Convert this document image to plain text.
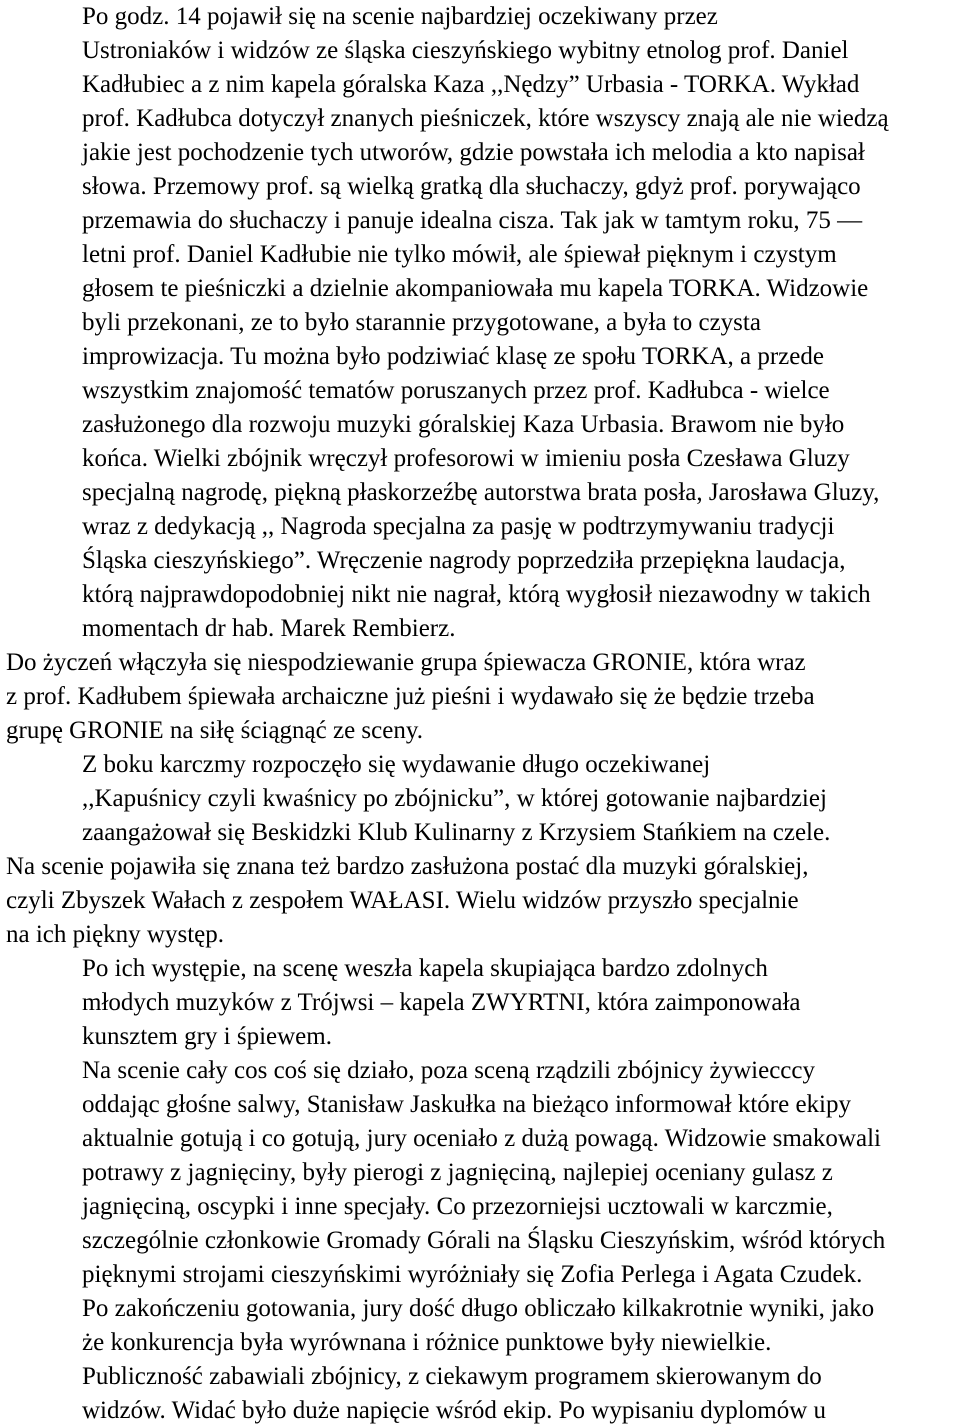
Po godz. 14 pojawił się na scenie najbardziej oczekiwany przez
Ustroniaków i widzów ze śląska cieszyńskiego wybitny etnolog prof. Daniel
Kadłubiec a z nim kapela góralska Kaza ,,Nędzy” Urbasia - TORKA. Wykład
prof. Kadłubca dotyczył znanych pieśniczek, które wszyscy znają ale nie wiedzą
jakie jest pochodzenie tych utworów, gdzie powstała ich melodia a kto napisał
słowa. Przemowy prof. są wielką gratką dla słuchaczy, gdyż prof. porywająco
przemawia do słuchaczy i panuje idealna cisza. Tak jak w tamtym roku, 75 —
letni prof. Daniel Kadłubie nie tylko mówił, ale śpiewał pięknym i czystym
głosem te pieśniczki a dzielnie akompaniowała mu kapela TORKA. Widzowie
byli przekonani, ze to było starannie przygotowane, a była to czysta
improwizacja. Tu można było podziwiać klasę ze społu TORKA, a przede
wszystkim znajomość tematów poruszanych przez prof. Kadłubca - wielce
zasłużonego dla rozwoju muzyki góralskiej Kaza Urbasia. Brawom nie było
końca. Wielki zbójnik wręczył profesorowi w imieniu posła Czesława Gluzy
specjalną nagrodę, piękną płaskorzeźbę autorstwa brata posła, Jarosława Gluzy,
wraz z dedykacją ,, Nagroda specjalna za pasję w podtrzymywaniu tradycji
Śląska cieszyńskiego”. Wręczenie nagrody poprzedziła przepiękna laudacja,
którą najprawdopodobniej nikt nie nagrał, którą wygłosił niezawodny w takich
momentach dr hab. Marek Rembierz.

Do życzeń włączyła się niespodziewanie grupa śpiewacza GRONIE, która wraz
z prof. Kadłubem śpiewała archaiczne już pieśni i wydawało się że będzie trzeba
grupę GRONIE na siłę ściągnąć ze sceny.

Z boku karczmy rozpoczęło się wydawanie długo oczekiwanej
,,Kapuśnicy czyli kwaśnicy po zbójnicku”, w której gotowanie najbardziej
zaangażował się Beskidzki Klub Kulinarny z Krzysiem Stańkiem na czele.

Na scenie pojawiła się znana też bardzo zasłużona postać dla muzyki góralskiej,
czyli Zbyszek Wałach z zespołem WAŁASI. Wielu widzów przyszło specjalnie
na ich piękny występ.

Po ich występie, na scenę weszła kapela skupiająca bardzo zdolnych
młodych muzyków z Trójwsi – kapela ZWYRTNI, która zaimponowała
kunsztem gry i śpiewem.

Na scenie cały cos coś się działo, poza sceną rządzili zbójnicy żywiecccy
oddając głośne salwy, Stanisław Jaskułka na bieżąco informował które ekipy
aktualnie gotują i co gotują, jury oceniało z dużą powagą. Widzowie smakowali
potrawy z jagnięciny, były pierogi z jagnięciną, najlepiej oceniany gulasz z
jagnięciną, oscypki i inne specjały. Co przezorniejsi ucztowali w karczmie,
szczególnie członkowie Gromady Górali na Śląsku Cieszyńskim, wśród których
pięknymi strojami cieszyńskimi wyróżniały się Zofia Perlega i Agata Czudek.
Po zakończeniu gotowania, jury dość długo obliczało kilkakrotnie wyniki, jako
że konkurencja była wyrównana i różnice punktowe były niewielkie.

Publiczność zabawiali zbójnicy, z ciekawym programem skierowanym do
widzów. Widać było duże napięcie wśród ekip. Po wypisaniu dyplomów u
